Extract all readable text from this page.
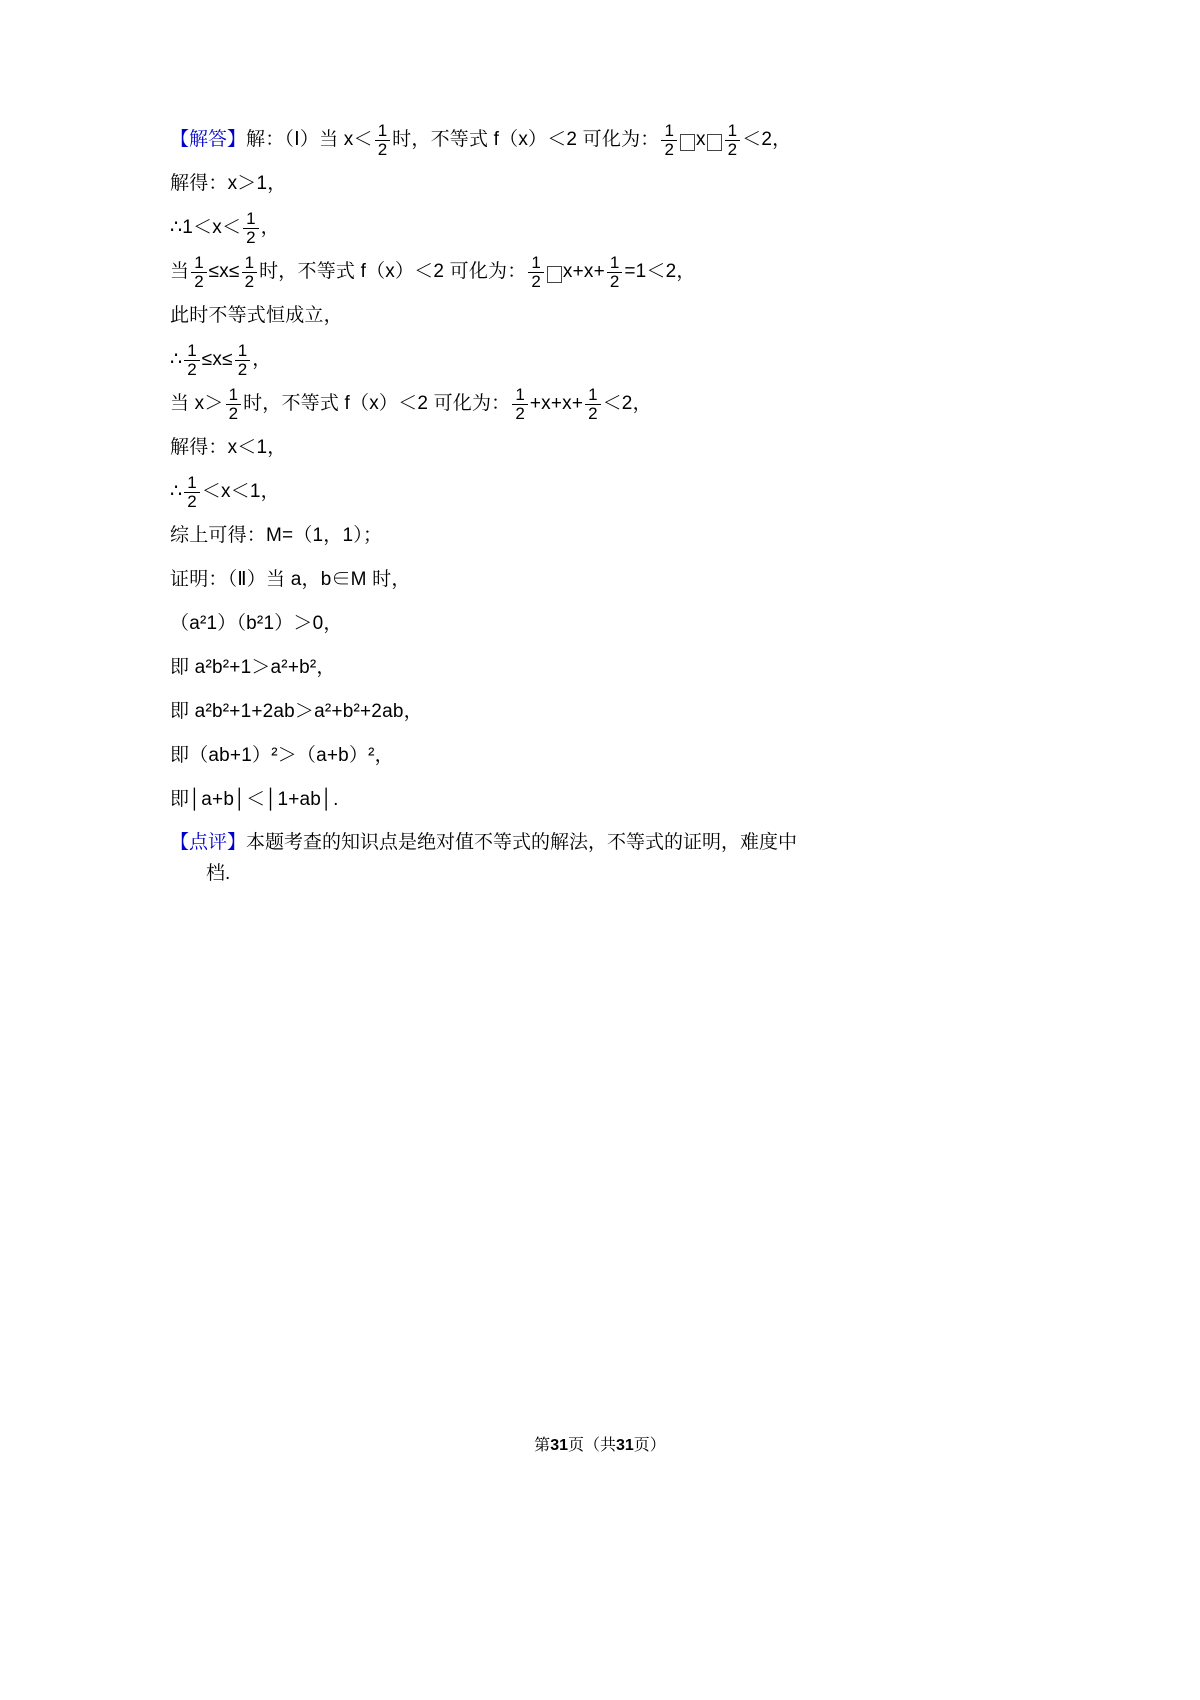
【解答】 解：（Ⅰ）当 $x< \frac{1}{2}$ 时，不等式 f（x）＜2 可化为： $\frac{1}{2}$ x $\frac{1}{2} <2$，
解得：x＞￰1，
∴￰1＜x＜ $\frac{1}{2}$ ，
当 $\frac{1}{2} \le x\le \frac{1}{2}$ 时，不等式 f（x）＜2 可化为： $\frac{1}{2} x+x+ \frac{1}{2} =1<2$，
此时不等式恒成立，
∴ $\frac{1}{2} \le x\le \frac{1}{2}$ ，
当 $x> \frac{1}{2}$ 时，不等式 f（x）＜2 可化为：￰ $\frac{1}{2} +x+x+ \frac{1}{2} <2$，
解得：x＜1，
∴ $\frac{1}{2} <x<1$，
综上可得：M=（￰1，1）；
证明：（Ⅱ）当 a，b∈M 时，
（a²￰1）（b²￰1）＞0，
即 a²b²+1＞a²+b²，
即 a²b²+1+2ab＞a²+b²+2ab，
即（ab+1）²＞（a+b）²，
即│a+b│＜│1+ab│.
【点评】 本题考查的知识点是绝对值不等式的解法，不等式的证明，难度中
档.
第31页（共31页）
